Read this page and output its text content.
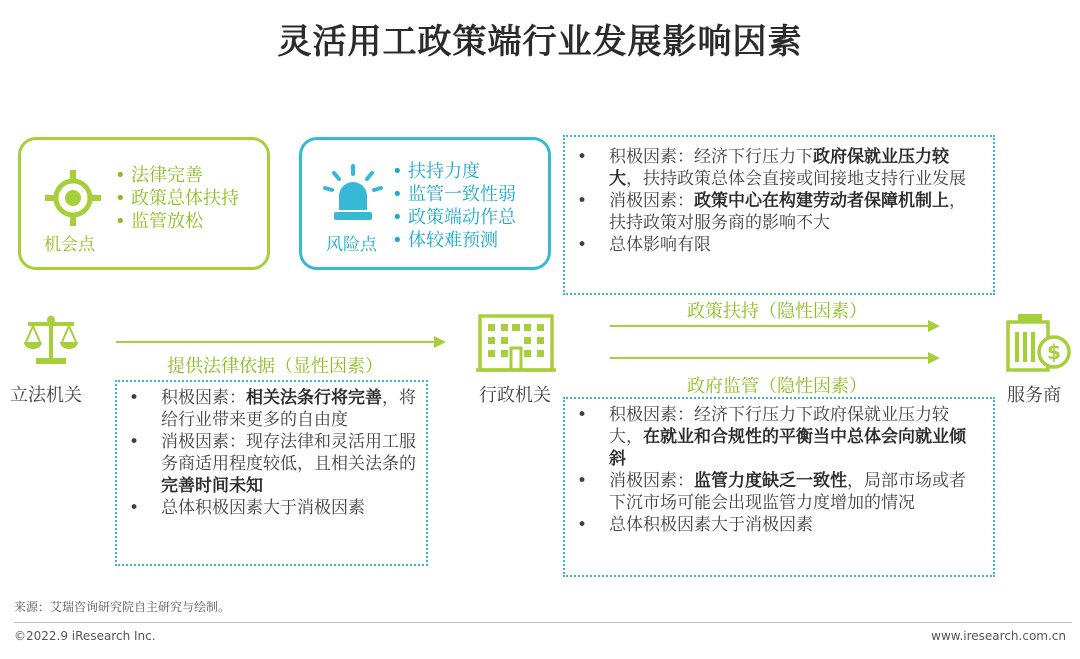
灵活用工政策端行业发展影响因素
机会点
• 法律完善
• 政策总体扶持
• 监管放松
风险点
• 扶持力度
• 监管一致性弱
• 政策端动作总
• 体较难预测
• 积极因素：经济下行压力下政府保就业压力较大，扶持政策总体会直接或间接地支持行业发展
• 消极因素：政策中心在构建劳动者保障机制上，扶持政策对服务商的影响不大
• 总体影响有限
立法机关
提供法律依据（显性因素）
行政机关
政策扶持（隐性因素）
政府监管（隐性因素）
$
服务商
• 积极因素：相关法条行将完善，将给行业带来更多的自由度
• 消极因素：现存法律和灵活用工服务商适用程度较低，且相关法条的完善时间未知
• 总体积极因素大于消极因素
• 积极因素：经济下行压力下政府保就业压力较大，在就业和合规性的平衡当中总体会向就业倾斜
• 消极因素：监管力度缺乏一致性，局部市场或者下沉市场可能会出现监管力度增加的情况
• 总体积极因素大于消极因素
来源：艾瑞咨询研究院自主研究与绘制。
©2022.9 iResearch Inc.	www.iresearch.com.cn
